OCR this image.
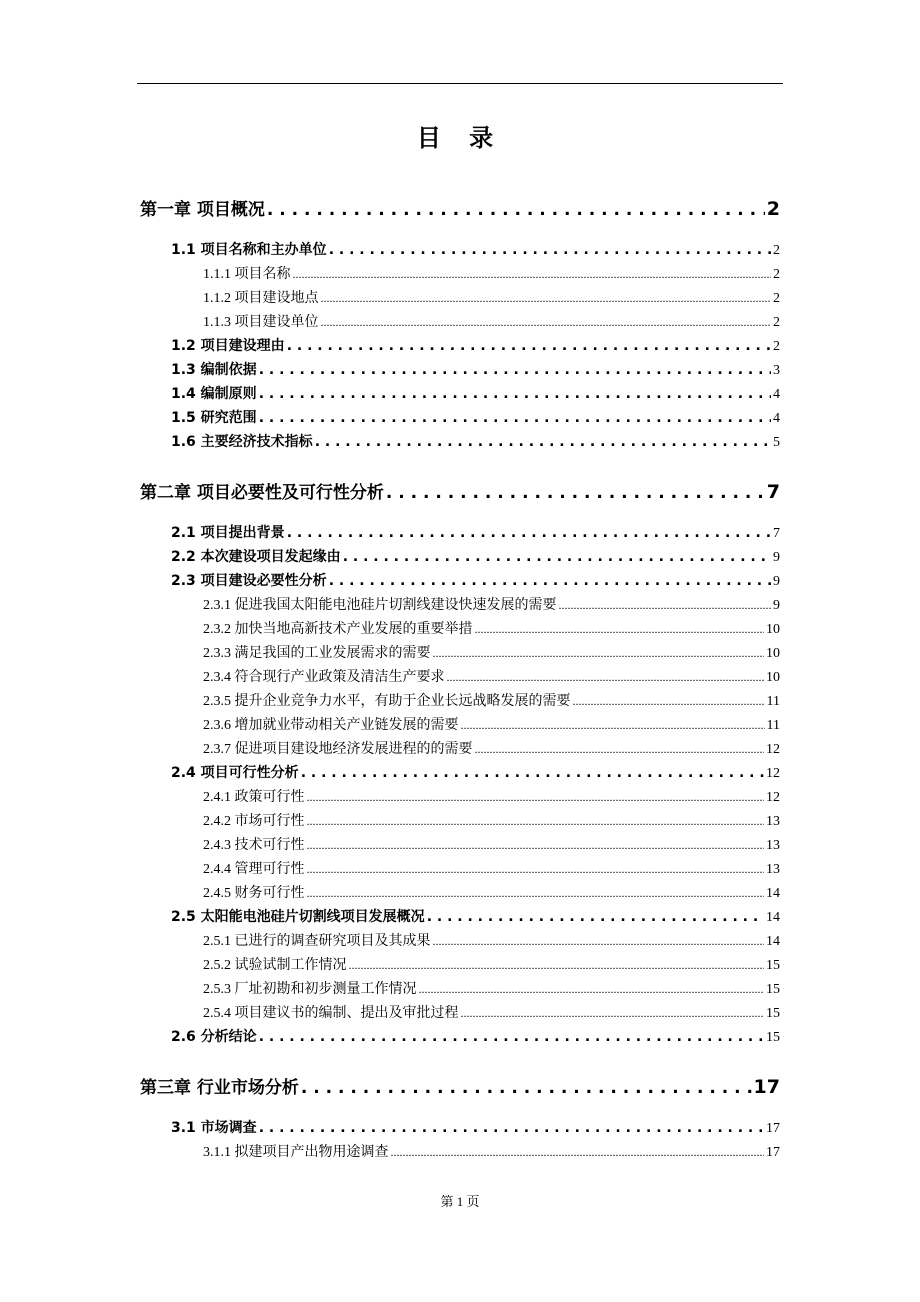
目 录
第一章 项目概况 . . .	2
1.1 项目名称和主办单位 . . .	2
1.1.1 项目名称 .....	2
1.1.2 项目建设地点 .....	2
1.1.3 项目建设单位 .....	2
1.2 项目建设理由 . . .	2
1.3 编制依据 . . .	3
1.4 编制原则 . . .	4
1.5 研究范围 . . .	4
1.6 主要经济技术指标 . . .	5
第二章 项目必要性及可行性分析 . . .	7
2.1 项目提出背景 . . .	7
2.2 本次建设项目发起缘由 . . .	9
2.3 项目建设必要性分析 . . .	9
2.3.1 促进我国太阳能电池硅片切割线建设快速发展的需要 .....	9
2.3.2 加快当地高新技术产业发展的重要举措 .....	10
2.3.3 满足我国的工业发展需求的需要 .....	10
2.3.4 符合现行产业政策及清洁生产要求 .....	10
2.3.5 提升企业竞争力水平，有助于企业长远战略发展的需要 .....	11
2.3.6 增加就业带动相关产业链发展的需要 .....	11
2.3.7 促进项目建设地经济发展进程的的需要 .....	12
2.4 项目可行性分析 . . .	12
2.4.1 政策可行性 .....	12
2.4.2 市场可行性 .....	13
2.4.3 技术可行性 .....	13
2.4.4 管理可行性 .....	13
2.4.5 财务可行性 .....	14
2.5 太阳能电池硅片切割线项目发展概况 . . .	14
2.5.1 已进行的调查研究项目及其成果 .....	14
2.5.2 试验试制工作情况 .....	15
2.5.3 厂址初勘和初步测量工作情况 .....	15
2.5.4 项目建议书的编制、提出及审批过程 .....	15
2.6 分析结论 . . .	15
第三章 行业市场分析 . . .	17
3.1 市场调查 . . .	17
3.1.1 拟建项目产出物用途调查 .....	17
第 1 页
